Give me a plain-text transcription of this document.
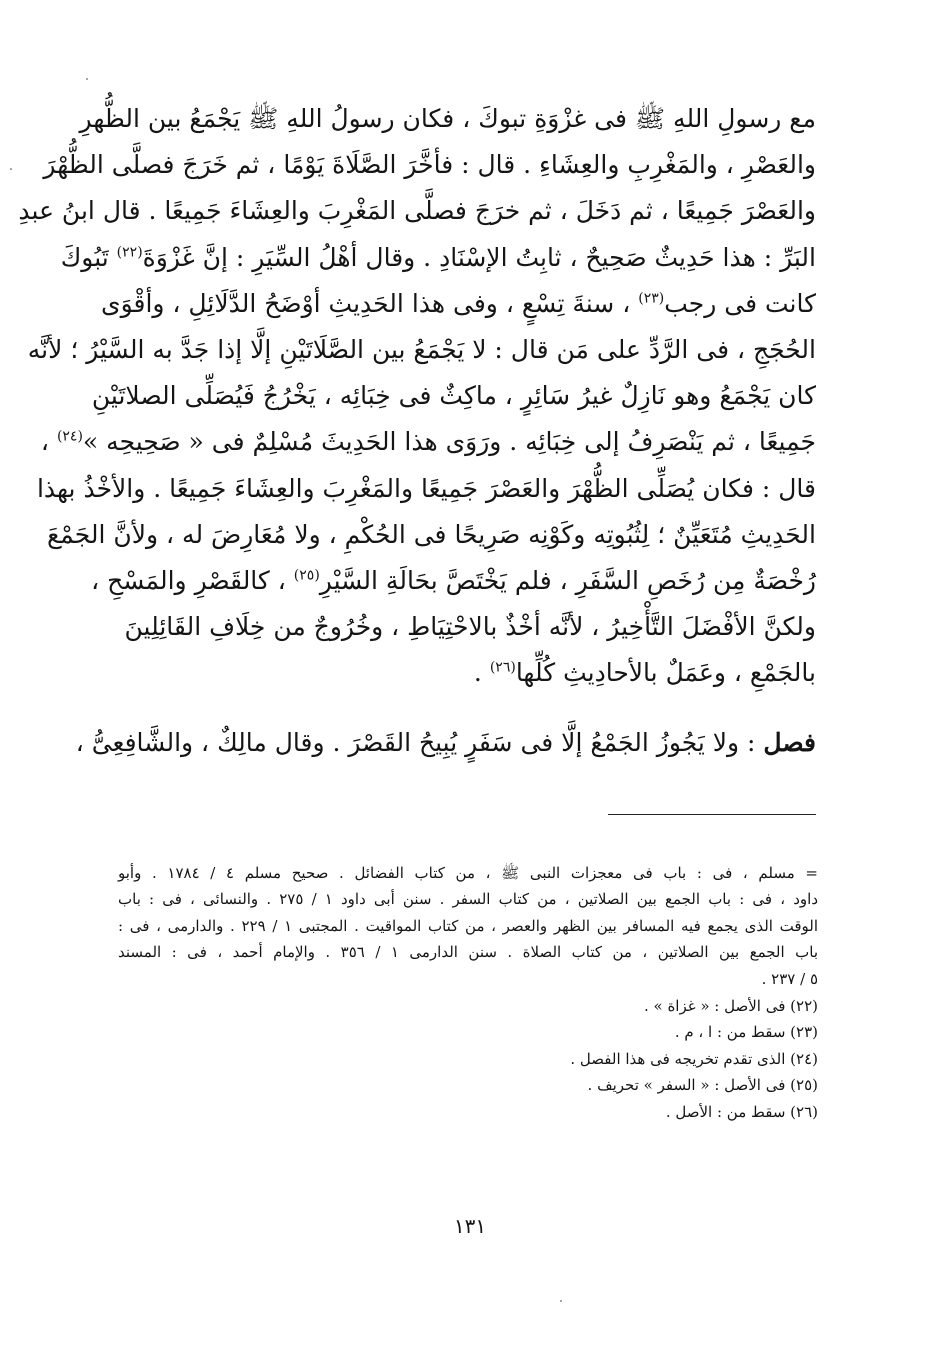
مع رسولِ اللهِ ﷺ فى غزْوَةِ تبوكَ ، فكان رسولُ اللهِ ﷺ يَجْمَعُ بين الظُّهرِ
والعَصْرِ ، والمَغْرِبِ والعِشَاءِ . قال : فأخَّرَ الصَّلَاةَ يَوْمًا ، ثم خَرَجَ فصلَّى الظُّهْرَ
والعَصْرَ جَمِيعًا ، ثم دَخَلَ ، ثم خرَجَ فصلَّى المَغْرِبَ والعِشَاءَ جَمِيعًا . قال ابنُ عبدِ
البَرِّ : هذا حَدِيثٌ صَحِيحٌ ، ثابِتُ الإسْنَادِ . وقال أهْلُ السِّيَرِ : إنَّ غَزْوَةَ$^{(٢٢)}$ تَبُوكَ
كانت فى رجب$^{(٢٣)}$ ، سنةَ تِسْعٍ ، وفى هذا الحَدِيثِ أوْضَحُ الدَّلَائِلِ ، وأقْوَى
الحُجَجِ ، فى الرَّدِّ على مَن قال : لا يَجْمَعُ بين الصَّلَاتَيْنِ إلَّا إذا جَدَّ به السَّيْرُ ؛ لأنَّه
كان يَجْمَعُ وهو نَازِلٌ غيرُ سَائِرٍ ، ماكِثٌ فى خِبَائِه ، يَخْرُجُ فَيُصَلِّى الصلاتَيْنِ
جَمِيعًا ، ثم يَنْصَرِفُ إلى خِبَائِه . ورَوَى هذا الحَدِيثَ مُسْلِمٌ فى « صَحِيحِه »$^{(٢٤)}$ ،
قال : فكان يُصَلِّى الظُّهْرَ والعَصْرَ جَمِيعًا والمَغْرِبَ والعِشَاءَ جَمِيعًا . والأخْذُ بهذا
الحَدِيثِ مُتَعَيِّنٌ ؛ لِثُبُوتِه وكَوْنِه صَرِيحًا فى الحُكْمِ ، ولا مُعَارِضَ له ، ولأنَّ الجَمْعَ
رُخْصَةٌ مِن رُخَصِ السَّفَرِ ، فلم يَخْتَصَّ بحَالَةِ السَّيْرِ$^{(٢٥)}$ ، كالقَصْرِ والمَسْحِ ،
ولكنَّ الأفْضَلَ التَّأْخِيرُ ، لأنَّه أخْذٌ بالاحْتِيَاطِ ، وخُرُوجٌ من خِلَافِ القَائِلِينَ
بالجَمْعِ ، وعَمَلٌ بالأحادِيثِ كُلِّها$^{(٢٦)}$ .
فصل : ولا يَجُوزُ الجَمْعُ إلَّا فى سَفَرٍ يُبِيحُ القَصْرَ . وقال مالِكٌ ، والشَّافِعِىُّ ،
= مسلم ، فى : باب فى معجزات النبى ﷺ ، من كتاب الفضائل . صحيح مسلم ٤ / ١٧٨٤ . وأبو
داود ، فى : باب الجمع بين الصلاتين ، من كتاب السفر . سنن أبى داود ١ / ٢٧٥ . والنسائى ، فى : باب
الوقت الذى يجمع فيه المسافر بين الظهر والعصر ، من كتاب المواقيت . المجتبى ١ / ٢٢٩ . والدارمى ، فى :
باب الجمع بين الصلاتين ، من كتاب الصلاة . سنن الدارمى ١ / ٣٥٦ . والإمام أحمد ، فى : المسند
٥ / ٢٣٧ .
(٢٢) فى الأصل : « غزاة » .
(٢٣) سقط من : ا ، م .
(٢٤) الذى تقدم تخريجه فى هذا الفصل .
(٢٥) فى الأصل : « السفر » تحريف .
(٢٦) سقط من : الأصل .
١٣١
